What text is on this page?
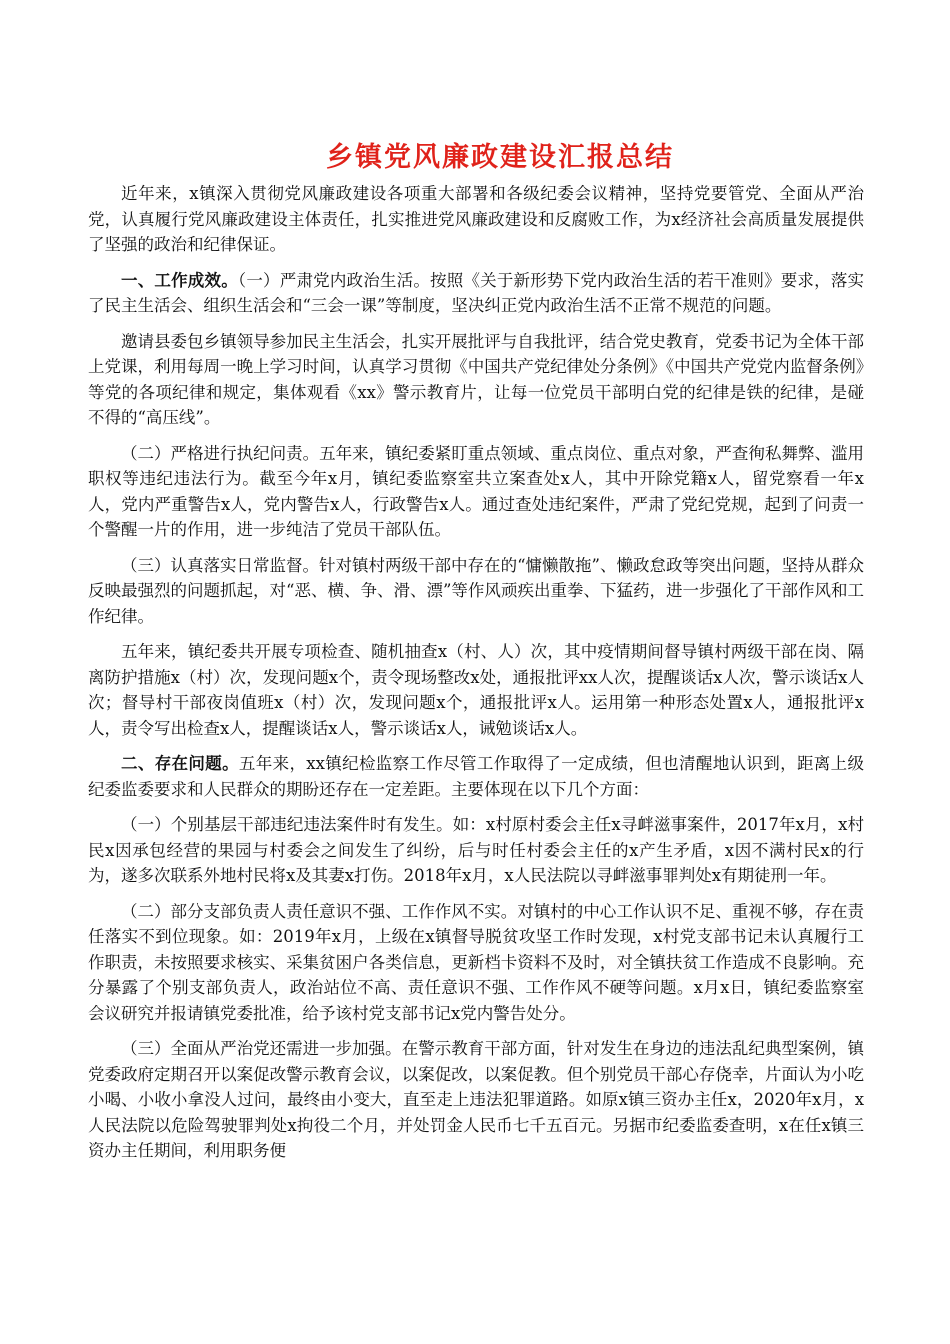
乡镇党风廉政建设汇报总结

近年来，x镇深入贯彻党风廉政建设各项重大部署和各级纪委会议精神，坚持党要管党、全面从严治党，认真履行党风廉政建设主体责任，扎实推进党风廉政建设和反腐败工作，为x经济社会高质量发展提供了坚强的政治和纪律保证。

一、工作成效。（一）严肃党内政治生活。按照《关于新形势下党内政治生活的若干准则》要求，落实了民主生活会、组织生活会和“三会一课”等制度，坚决纠正党内政治生活不正常不规范的问题。

邀请县委包乡镇领导参加民主生活会，扎实开展批评与自我批评，结合党史教育，党委书记为全体干部上党课，利用每周一晚上学习时间，认真学习贯彻《中国共产党纪律处分条例》《中国共产党党内监督条例》等党的各项纪律和规定，集体观看《xx》警示教育片，让每一位党员干部明白党的纪律是铁的纪律，是碰不得的“高压线”。

（二）严格进行执纪问责。五年来，镇纪委紧盯重点领域、重点岗位、重点对象，严查徇私舞弊、滥用职权等违纪违法行为。截至今年x月，镇纪委监察室共立案查处x人，其中开除党籍x人，留党察看一年x人，党内严重警告x人，党内警告x人，行政警告x人。通过查处违纪案件，严肃了党纪党规，起到了问责一个警醒一片的作用，进一步纯洁了党员干部队伍。

（三）认真落实日常监督。针对镇村两级干部中存在的“慵懒散拖”、懒政怠政等突出问题，坚持从群众反映最强烈的问题抓起，对“恶、横、争、滑、漂”等作风顽疾出重拳、下猛药，进一步强化了干部作风和工作纪律。

五年来，镇纪委共开展专项检查、随机抽查x（村、人）次，其中疫情期间督导镇村两级干部在岗、隔离防护措施x（村）次，发现问题x个，责令现场整改x处，通报批评xx人次，提醒谈话x人次，警示谈话x人次；督导村干部夜岗值班x（村）次，发现问题x个，通报批评x人。运用第一种形态处置x人，通报批评x人，责令写出检查x人，提醒谈话x人，警示谈话x人，诫勉谈话x人。

二、存在问题。五年来，xx镇纪检监察工作尽管工作取得了一定成绩，但也清醒地认识到，距离上级纪委监委要求和人民群众的期盼还存在一定差距。主要体现在以下几个方面：

（一）个别基层干部违纪违法案件时有发生。如：x村原村委会主任x寻衅滋事案件，2017年x月，x村民x因承包经营的果园与村委会之间发生了纠纷，后与时任村委会主任的x产生矛盾，x因不满村民x的行为，遂多次联系外地村民将x及其妻x打伤。2018年x月，x人民法院以寻衅滋事罪判处x有期徒刑一年。

（二）部分支部负责人责任意识不强、工作作风不实。对镇村的中心工作认识不足、重视不够，存在责任落实不到位现象。如：2019年x月，上级在x镇督导脱贫攻坚工作时发现，x村党支部书记未认真履行工作职责，未按照要求核实、采集贫困户各类信息，更新档卡资料不及时，对全镇扶贫工作造成不良影响。充分暴露了个别支部负责人，政治站位不高、责任意识不强、工作作风不硬等问题。x月x日，镇纪委监察室会议研究并报请镇党委批准，给予该村党支部书记x党内警告处分。

（三）全面从严治党还需进一步加强。在警示教育干部方面，针对发生在身边的违法乱纪典型案例，镇党委政府定期召开以案促改警示教育会议，以案促改，以案促教。但个别党员干部心存侥幸，片面认为小吃小喝、小收小拿没人过问，最终由小变大，直至走上违法犯罪道路。如原x镇三资办主任x，2020年x月，x人民法院以危险驾驶罪判处x拘役二个月，并处罚金人民币七千五百元。另据市纪委监委查明，x在任x镇三资办主任期间，利用职务便
